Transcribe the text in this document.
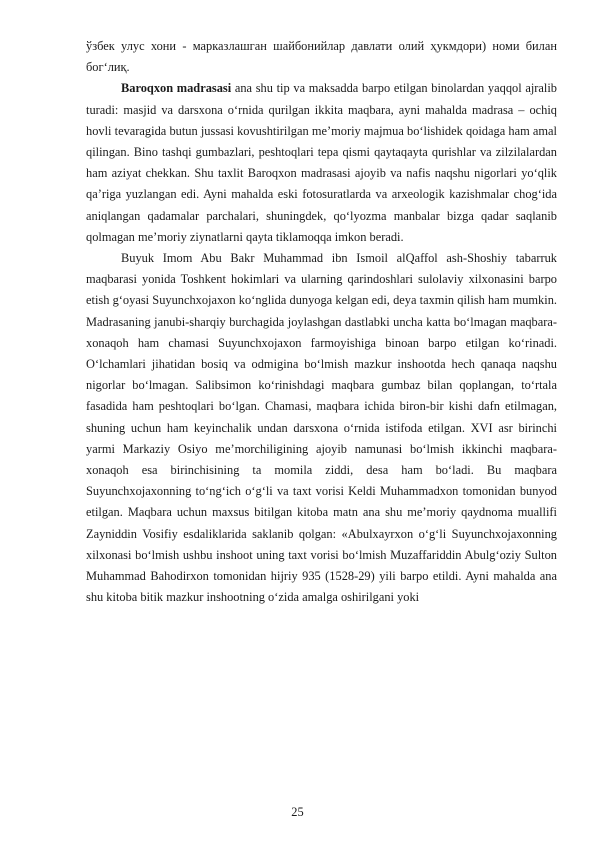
ўзбек улус хони - марказлашган шайбонийлар давлати олий ҳукмдори) номи билан бог‘лиқ.

Baroqxon madrasasi ana shu tip va maksadda barpo etilgan binolardan yaqqol ajralib turadi: masjid va darsxona o‘rnida qurilgan ikkita maqbara, ayni mahalda madrasa – ochiq hovli tevaragida butun jussasi kovushtirilgan me’moriy majmua bo‘lishidek qoidaga ham amal qilingan. Bino tashqi gumbazlari, peshtoqlari tepa qismi qaytaqayta qurishlar va zilzilalardan ham aziyat chekkan. Shu taxlit Baroqxon madrasasi ajoyib va nafis naqshu nigorlari yo‘qlik qa’riga yuzlangan edi. Ayni mahalda eski fotosuratlarda va arxeologik kazishmalar chog‘ida aniqlangan qadamalar parchalari, shuningdek, qo‘lyozma manbalar bizga qadar saqlanib qolmagan me’moriy ziynatlarni qayta tiklamoqqa imkon beradi.

Buyuk Imom Abu Bakr Muhammad ibn Ismoil alQaffol ash-Shoshiy tabarruk maqbarasi yonida Toshkent hokimlari va ularning qarindoshlari sulolaviy xilxonasini barpo etish g‘oyasi Suyunchxojaxon ko‘nglida dunyoga kelgan edi, deya taxmin qilish ham mumkin. Madrasaning janubi-sharqiy burchagida joylashgan dastlabki uncha katta bo‘lmagan maqbara-xonaqoh ham chamasi Suyunchxojaxon farmoyishiga binoan barpo etilgan ko‘rinadi. O‘lchamlari jihatidan bosiq va odmigina bo‘lmish mazkur inshootda hech qanaqa naqshu nigorlar bo‘lmagan. Salibsimon ko‘rinishdagi maqbara gumbaz bilan qoplangan, to‘rtala fasadida ham peshtoqlari bo‘lgan. Chamasi, maqbara ichida biron-bir kishi dafn etilmagan, shuning uchun ham keyinchalik undan darsxona o‘rnida istifoda etilgan. XVI asr birinchi yarmi Markaziy Osiyo me’morchiligining ajoyib namunasi bo‘lmish ikkinchi maqbara-xonaqoh esa birinchisining ta momila ziddi, desa ham bo‘ladi. Bu maqbara Suyunchxojaxonning to‘ng‘ich o‘g‘li va taxt vorisi Keldi Muhammadxon tomonidan bunyod etilgan. Maqbara uchun maxsus bitilgan kitoba matn ana shu me’moriy qaydnoma muallifi Zayniddin Vosifiy esdaliklarida saklanib qolgan: «Abulxayrxon o‘g‘li Suyunchxojaxonning xilxonasi bo‘lmish ushbu inshoot uning taxt vorisi bo‘lmish Muzaffariddin Abulg‘oziy Sulton Muhammad Bahodirxon tomonidan hijriy 935 (1528-29) yili barpo etildi. Ayni mahalda ana shu kitoba bitik mazkur inshootning o‘zida amalga oshirilgani yoki

25
